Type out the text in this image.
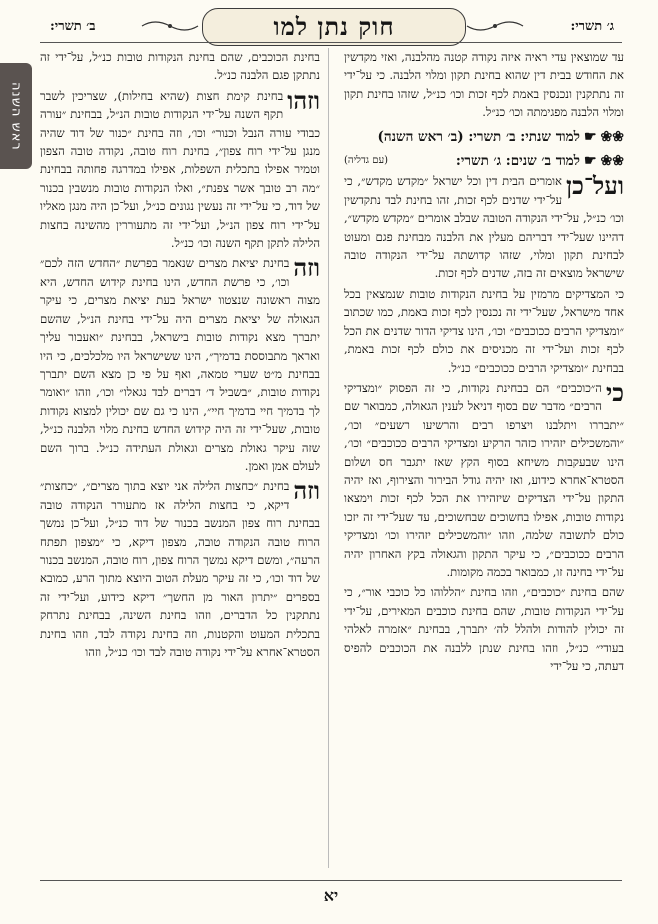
ראש השנה
ב׳ תשרי:	חוק נתן למו	ג׳ תשרי:

עד שמוצאין עדי ראיה איזה נקודה קטנה מהלבנה, ואזי מקדשין את החודש בבית דין שהוא בחינת תקון ומלוי הלבנה. כי על־ידי זה נתתקנין ונכנסין באמת לכף זכות וכו׳ כנ״ל, שזהו בחינת תקון ומלוי הלבנה מפגימתה וכו׳ כנ״ל.

❀❀
☛
למוד שנתי: ב׳ תשרי: (ב׳ ראש השנה)
❀❀
☛
למוד ב׳ שנים: ג׳ תשרי:
(עם גדליה)

ועל־כן
אומרים הבית דין וכל ישראל ״מקדש מקדש״, כי על־ידי שדנים לכף זכות, זהו בחינת לבד נתקדשין וכו׳ כנ״ל, על־ידי הנקודה הטובה שבלב אומרים ״מקדש מקדש״, דהיינו שעל־ידי דבריהם מעלין את הלבנה מבחינת פגם ומעוט לבחינת תקון ומלוי, שזהו קדושתה על־ידי הנקודה טובה שישראל מוצאים זה בזה, שדנים לכף זכות.

כי המצדיקים מרמזין על בחינת הנקודות טובות שנמצאין בכל אחד מישראל, שעל־ידי זה נכנסין לכף זכות באמת, כמו שכתוב ״ומצדיקי הרבים ככוכבים״ וכו׳, הינו צדיקי הדור שדנים את הכל לכף זכות ועל־ידי זה מכניסים את כולם לכף זכות באמת, בבחינת ״ומצדיקי הרבים ככוכבים״ כנ״ל.

כי
ה״כוכבים״ הם בבחינת נקודות, כי זה הפסוק ״ומצדיקי הרבים״ מדבר שם בסוף דניאל לענין הגאולה, כמבואר שם ״יתבררו ויתלבנו ויצרפו רבים והרשיעו רשעים״ וכו׳, ״והמשכילים יזהירו כזהר הרקיע ומצדיקי הרבים ככוכבים״ וכו׳, הינו שבעקבות משיחא בסוף הקץ שאז יתגבר חס ושלום הסטרא־אחרא כידוע, ואז יהיה גודל הבירור והצירוף, ואז יהיה התקון על־ידי הצדיקים שיזהירו את הכל לכף זכות וימצאו נקודות טובות, אפילו בחשוכים שבחשוכים, עד שעל־ידי זה יזכו כולם לתשובה שלמה, וזהו ״והמשכילים יזהירו וכו׳ ומצדיקי הרבים ככוכבים״, כי עיקר התקון והגאולה בקץ האחרון יהיה על־ידי בחינה זו, כמבואר בכמה מקומות.

שהם בחינת ״כוכבים״, וזהו בחינת ״הללוהו כל כוכבי אור״, כי על־ידי הנקודות טובות, שהם בחינת כוכבים המאירים, על־ידי זה יכולין להודות ולהלל לה׳ יתברך, בבחינת ״אזמרה לאלהי בעודי״ כנ״ל, וזהו בחינת שנתן ללבנה את הכוכבים להפיס דעתה, כי על־ידי

בחינת הכוכבים, שהם בחינת הנקודות טובות כנ״ל, על־ידי זה נתתקן פגם הלבנה כנ״ל.

וזהו
בחינת קימת חצות (שהיא בחילות), שצריכין לשבר תקף השנה על־ידי הנקודות טובות הנ״ל, בבחינת ״עורה כבודי עורה הנבל וכנור״ וכו׳, וזה בחינת ״כנור של דוד שהיה מנגן על־ידי רוח צפון״, בחינת רוח טובה, נקודה טובה הצפון וטמיר אפילו בתכלית השפלות, אפילו במדרגה פחותה בבחינת ״מה רב טובך אשר צפנת״, ואלו הנקודות טובות מנשבין בכנור של דוד, כי על־ידי זה נעשין נגונים כנ״ל, ועל־כן היה מנגן מאליו על־ידי רוח צפון הנ״ל, ועל־ידי זה מתעוררין מהשינה בחצות הלילה לתקן תקף השנה וכו׳ כנ״ל.

וזה
בחינת יציאת מצרים שנאמר בפרשת ״החדש הזה לכם״ וכו׳, כי פרשת החדש, הינו בחינת קידוש החדש, היא מצוה ראשונה שנצטוו ישראל בעת יציאת מצרים, כי עיקר הגאולה של יציאת מצרים היה על־ידי בחינת הנ״ל, שהשם יתברך מצא נקודות טובות בישראל, בבחינת ״ואעבור עליך ואראך מתבוססת בדמיך״, הינו ששישראל היו מלכלכים, כי היו בבחינת מ״ט שערי טמאה, ואף על פי כן מצא השם יתברך נקודות טובות, ״בשביל ד׳ דברים לבד נגאלו״ וכו׳, וזהו ״ואומר לך בדמיך חיי בדמיך חיי״, הינו כי גם שם יכולין למצוא נקודות טובות, שעל־ידי זה היה קידוש החדש בחינת מלוי הלבנה כנ״ל, שזה עיקר גאולת מצרים וגאולת העתידה כנ״ל. ברוך השם לעולם אמן ואמן.

וזה
בחינת ״כחצות הלילה אני יוצא בתוך מצרים״, ״כחצות״ דיקא, כי בחצות הלילה אז מתעורר הנקודה טובה בבחינת רוח צפון המנשב בכנור של דוד כנ״ל, ועל־כן נמשך הרוח טובה הנקודה טובה, מצפון דיקא, כי ״מצפון תפתח הרעה״, ומשם דיקא נמשך הרוח צפון, רוח טובה, המנשב בכנור של דוד וכו׳, כי זה עיקר מעלת הטוב היוצא מתוך הרע, כמובא בספרים ״יתרון האור מן החשך״ דיקא כידוע, ועל־ידי זה נתתקנין כל הדברים, וזהו בחינת השינה, בבחינת נתרחק בתכלית המעוט והקטנות, וזה בחינת נקודה לבד, וזהו בחינת הסטרא־אחרא על־ידי נקודה טובה לבד וכו׳ כנ״ל, וזהו

יא
